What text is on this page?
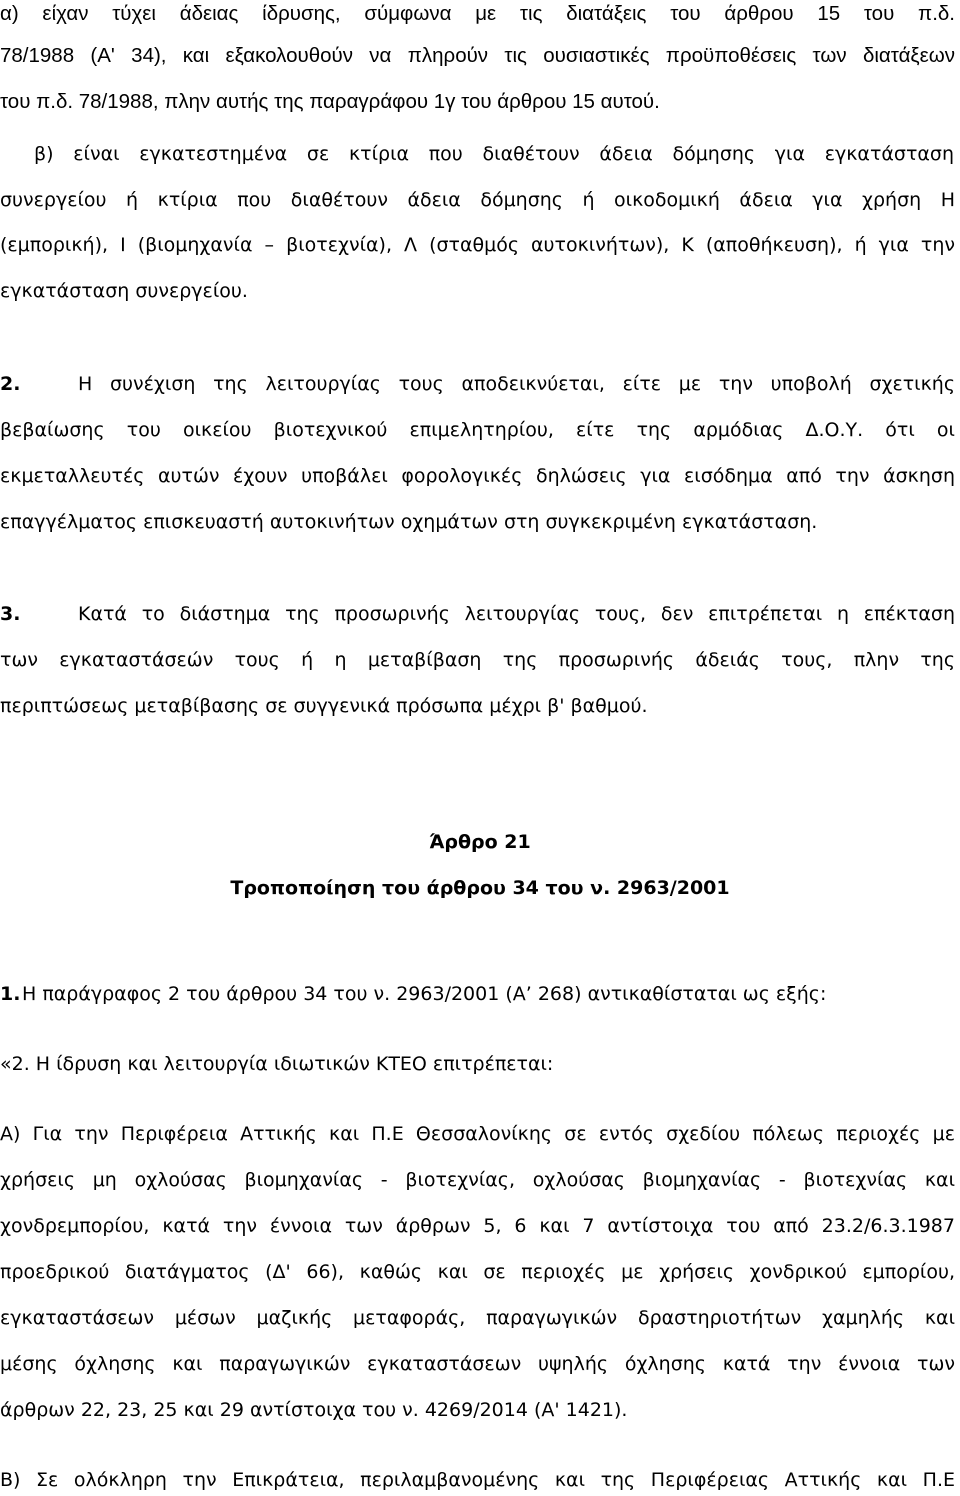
α) είχαν τύχει άδειας ίδρυσης, σύμφωνα με τις διατάξεις του άρθρου 15 του π.δ.
78/1988 (Α' 34), και εξακολουθούν να πληρούν τις ουσιαστικές προϋποθέσεις των διατάξεων
του π.δ. 78/1988, πλην αυτής της παραγράφου 1γ του άρθρου 15 αυτού.
β) είναι εγκατεστημένα σε κτίρια που διαθέτουν άδεια δόμησης για εγκατάσταση
συνεργείου ή κτίρια που διαθέτουν άδεια δόμησης ή οικοδομική άδεια για χρήση Η
(εμπορική), Ι (βιομηχανία – βιοτεχνία), Λ (σταθμός αυτοκινήτων), Κ (αποθήκευση), ή για την
εγκατάσταση συνεργείου.
2.	Η συνέχιση της λειτουργίας τους αποδεικνύεται, είτε με την υποβολή σχετικής
βεβαίωσης του οικείου βιοτεχνικού επιμελητηρίου, είτε της αρμόδιας Δ.Ο.Υ. ότι οι
εκμεταλλευτές αυτών έχουν υποβάλει φορολογικές δηλώσεις για εισόδημα από την άσκηση
επαγγέλματος επισκευαστή αυτοκινήτων οχημάτων στη συγκεκριμένη εγκατάσταση.
3.	Κατά το διάστημα της προσωρινής λειτουργίας τους, δεν επιτρέπεται η επέκταση
των εγκαταστάσεών τους ή η μεταβίβαση της προσωρινής άδειάς τους, πλην της
περιπτώσεως μεταβίβασης σε συγγενικά πρόσωπα μέχρι β' βαθμού.
Άρθρο 21
Τροποποίηση του άρθρου 34 του ν. 2963/2001
1. Η παράγραφος 2 του άρθρου 34 του ν. 2963/2001 (Α’ 268) αντικαθίσταται ως εξής:
«2. Η ίδρυση και λειτουργία ιδιωτικών ΚΤΕΟ επιτρέπεται:
Α) Για την Περιφέρεια Αττικής και Π.Ε Θεσσαλονίκης σε εντός σχεδίου πόλεως περιοχές με
χρήσεις μη οχλούσας βιομηχανίας - βιοτεχνίας, οχλούσας βιομηχανίας - βιοτεχνίας και
χονδρεμπορίου, κατά την έννοια των άρθρων 5, 6 και 7 αντίστοιχα του από 23.2/6.3.1987
προεδρικού διατάγματος (Δ' 66), καθώς και σε περιοχές με χρήσεις χονδρικού εμπορίου,
εγκαταστάσεων μέσων μαζικής μεταφοράς, παραγωγικών δραστηριοτήτων χαμηλής και
μέσης όχλησης και παραγωγικών εγκαταστάσεων υψηλής όχλησης κατά την έννοια των
άρθρων 22, 23, 25 και 29 αντίστοιχα του ν. 4269/2014 (Α' 1421).
Β) Σε ολόκληρη την Επικράτεια, περιλαμβανομένης και της Περιφέρειας Αττικής και Π.Ε
